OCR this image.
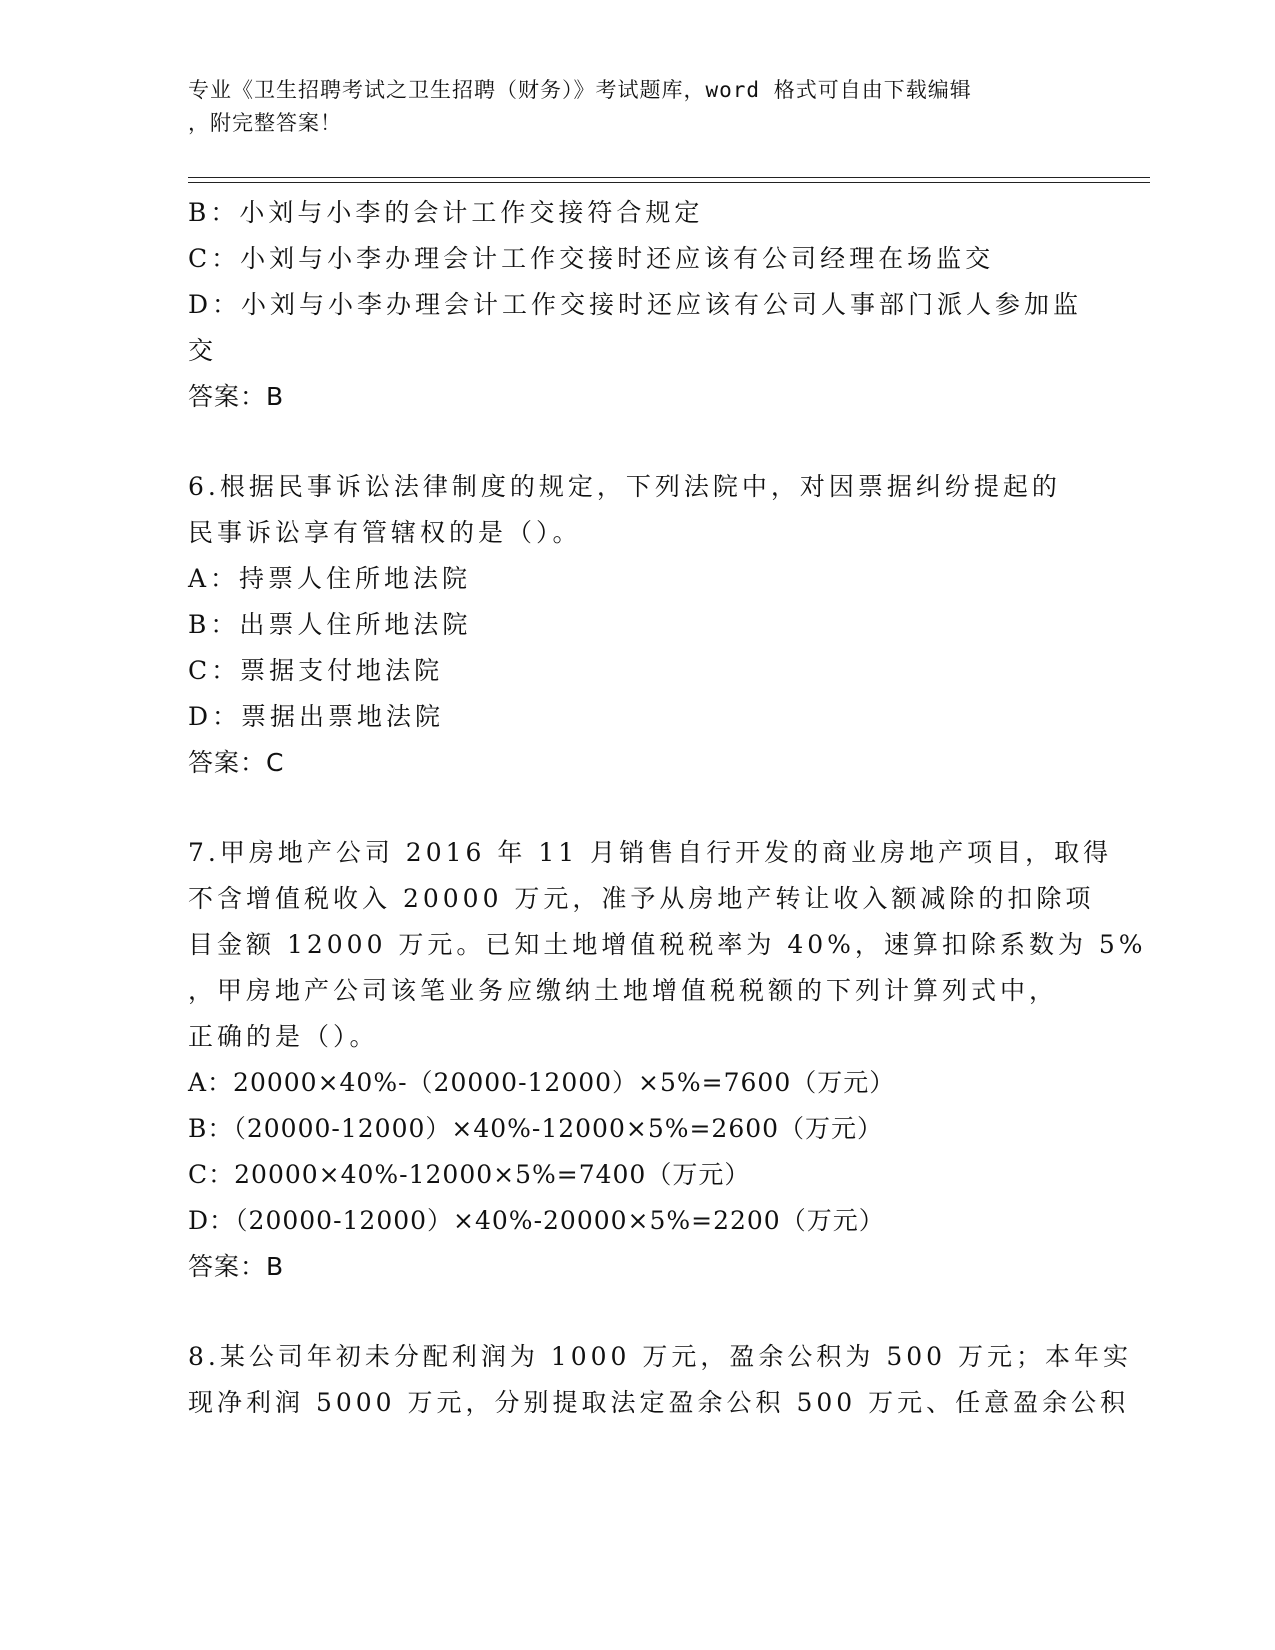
专业《卫生招聘考试之卫生招聘（财务）》考试题库，word 格式可自由下载编辑
，附完整答案！
B：小刘与小李的会计工作交接符合规定
C：小刘与小李办理会计工作交接时还应该有公司经理在场监交
D：小刘与小李办理会计工作交接时还应该有公司人事部门派人参加监
交
答案：B
6.根据民事诉讼法律制度的规定，下列法院中，对因票据纠纷提起的
民事诉讼享有管辖权的是（）。
A：持票人住所地法院
B：出票人住所地法院
C：票据支付地法院
D：票据出票地法院
答案：C
7.甲房地产公司 2016 年 11 月销售自行开发的商业房地产项目，取得
不含增值税收入 20000 万元，准予从房地产转让收入额减除的扣除项
目金额 12000 万元。已知土地增值税税率为 40%，速算扣除系数为 5%
，甲房地产公司该笔业务应缴纳土地增值税税额的下列计算列式中，
正确的是（）。
A：20000×40%-（20000-12000）×5%=7600（万元）
B：（20000-12000）×40%-12000×5%=2600（万元）
C：20000×40%-12000×5%=7400（万元）
D：（20000-12000）×40%-20000×5%=2200（万元）
答案：B
8.某公司年初未分配利润为 1000 万元，盈余公积为 500 万元；本年实
现净利润 5000 万元，分别提取法定盈余公积 500 万元、任意盈余公积
